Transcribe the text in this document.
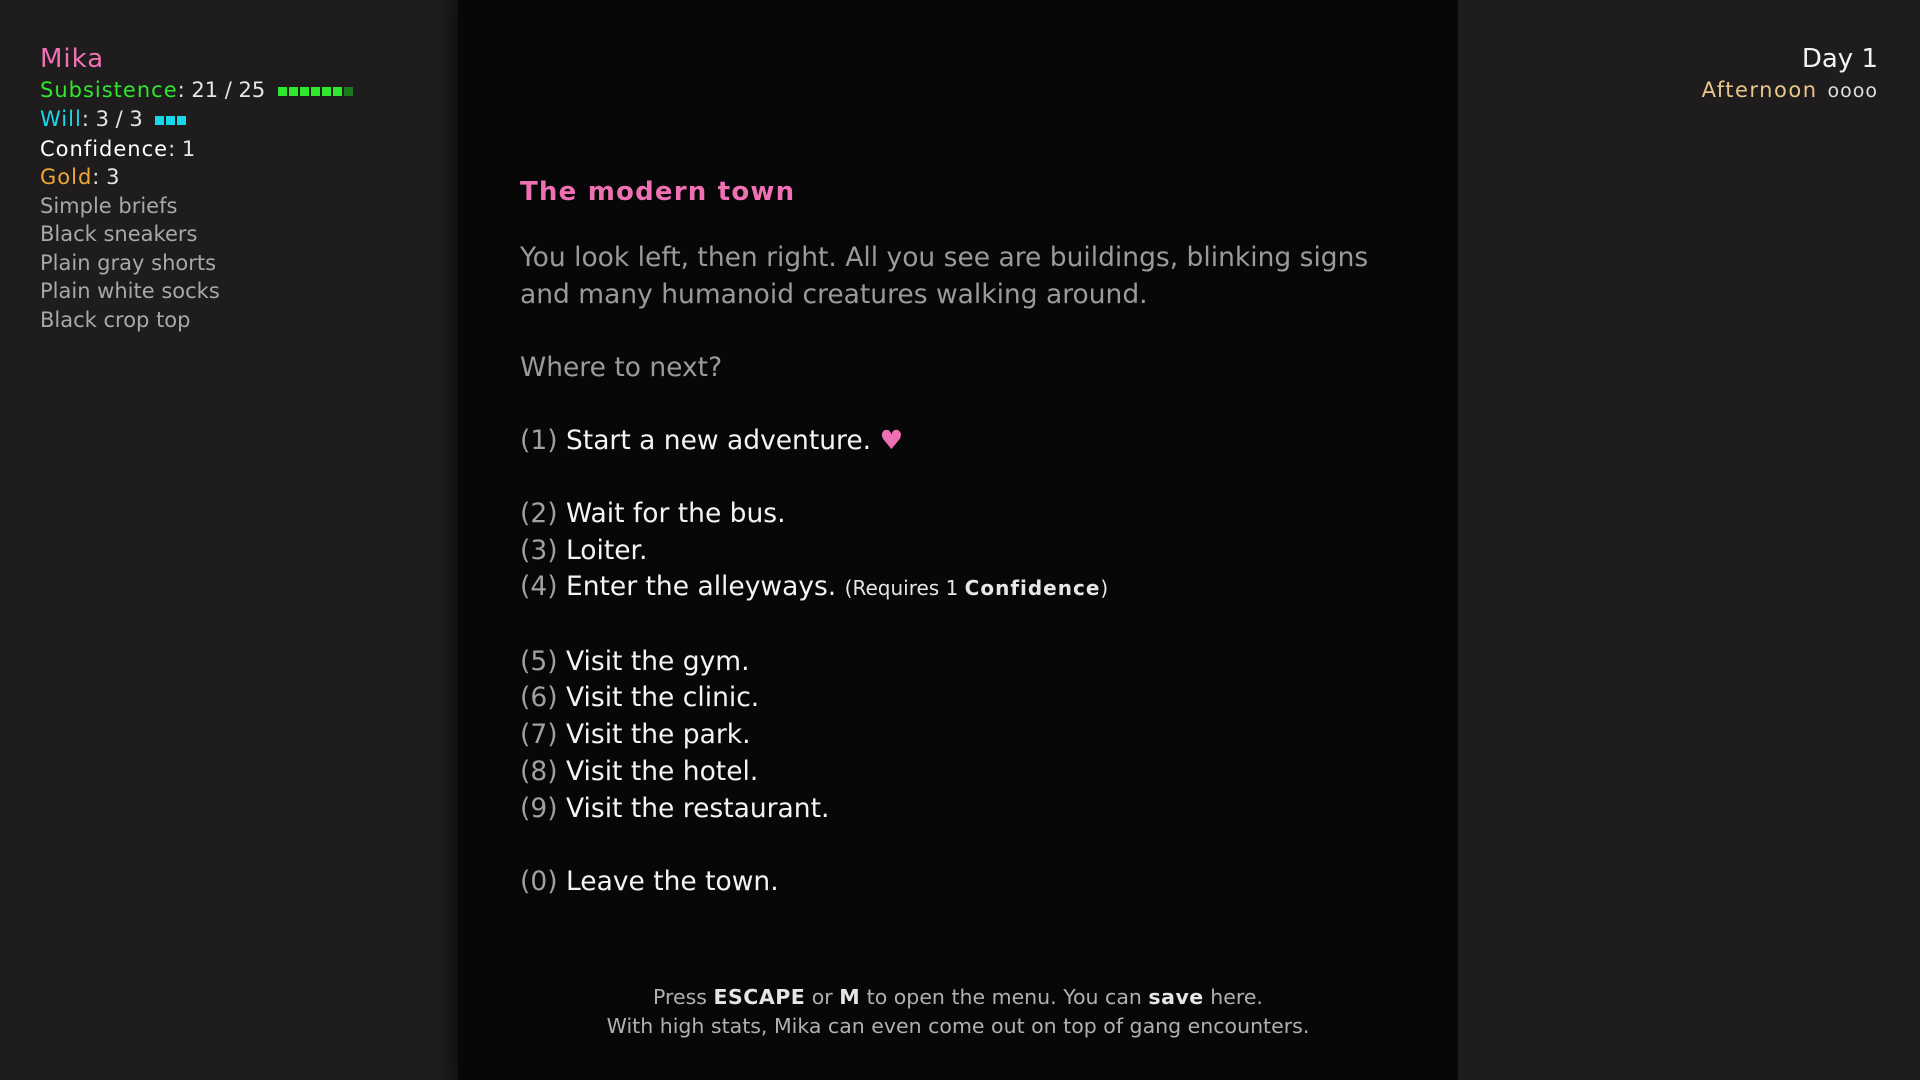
Mika
Subsistence: 21 / 25
Will: 3 / 3
Confidence: 1
Gold: 3
Simple briefs
Black sneakers
Plain gray shorts
Plain white socks
Black crop top
Day 1
Afternoon oooo
The modern town

You look left, then right. All you see are buildings, blinking signs and many humanoid creatures walking around.

Where to next?

(1) Start a new adventure. ♥
(2) Wait for the bus.
(3) Loiter.
(4) Enter the alleyways. (Requires 1 Confidence)
(5) Visit the gym.
(6) Visit the clinic.
(7) Visit the park.
(8) Visit the hotel.
(9) Visit the restaurant.
(0) Leave the town.
Press ESCAPE or M to open the menu. You can save here.
With high stats, Mika can even come out on top of gang encounters.
